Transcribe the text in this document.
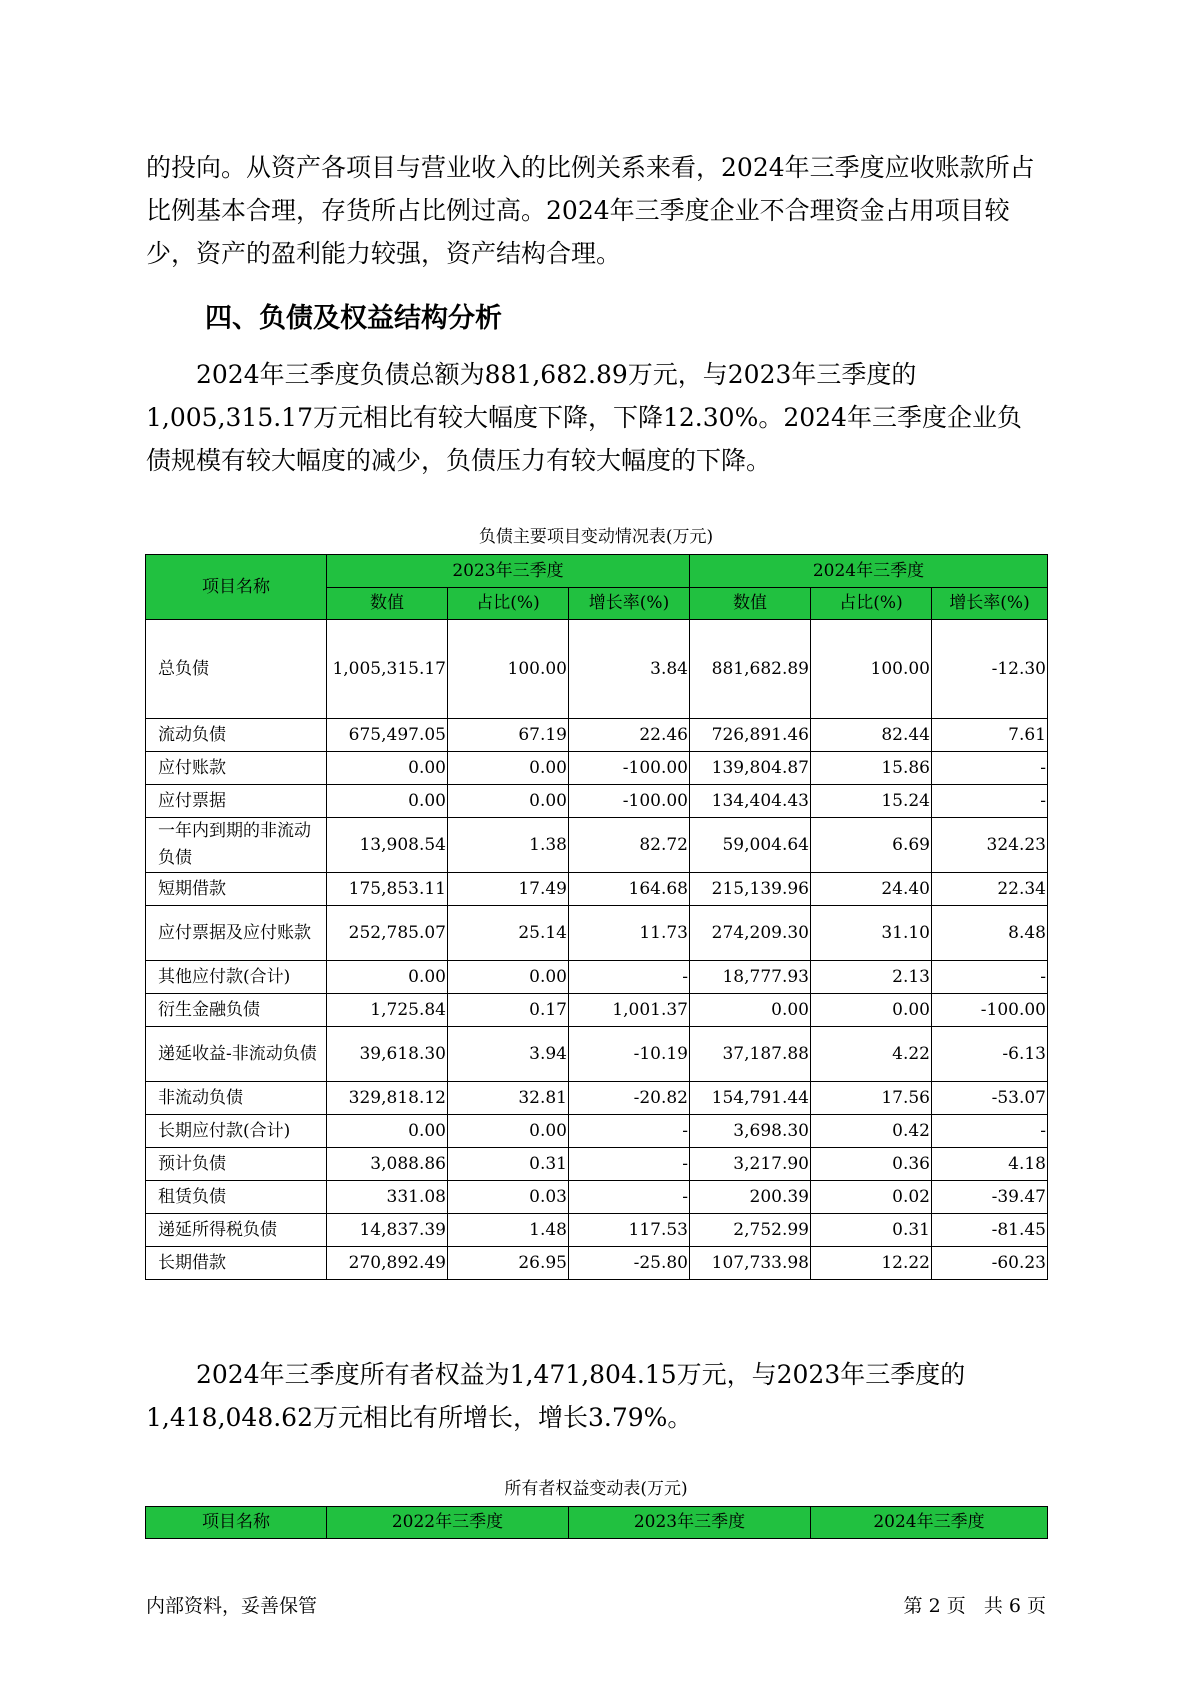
的投向。从资产各项目与营业收入的比例关系来看，2024年三季度应收账款所占比例基本合理，存货所占比例过高。2024年三季度企业不合理资金占用项目较少，资产的盈利能力较强，资产结构合理。

四、负债及权益结构分析

2024年三季度负债总额为881,682.89万元，与2023年三季度的1,005,315.17万元相比有较大幅度下降，下降12.30%。2024年三季度企业负债规模有较大幅度的减少，负债压力有较大幅度的下降。

负债主要项目变动情况表(万元)
项目名称	2023年三季度			2024年三季度		
	数值	占比(%)	增长率(%)	数值	占比(%)	增长率(%)
总负债	1,005,315.17	100.00	3.84	881,682.89	100.00	-12.30
流动负债	675,497.05	67.19	22.46	726,891.46	82.44	7.61
应付账款	0.00	0.00	-100.00	139,804.87	15.86	-
应付票据	0.00	0.00	-100.00	134,404.43	15.24	-
一年内到期的非流动负债	13,908.54	1.38	82.72	59,004.64	6.69	324.23
短期借款	175,853.11	17.49	164.68	215,139.96	24.40	22.34
应付票据及应付账款	252,785.07	25.14	11.73	274,209.30	31.10	8.48
其他应付款(合计)	0.00	0.00	-	18,777.93	2.13	-
衍生金融负债	1,725.84	0.17	1,001.37	0.00	0.00	-100.00
递延收益-非流动负债	39,618.30	3.94	-10.19	37,187.88	4.22	-6.13
非流动负债	329,818.12	32.81	-20.82	154,791.44	17.56	-53.07
长期应付款(合计)	0.00	0.00	-	3,698.30	0.42	-
预计负债	3,088.86	0.31	-	3,217.90	0.36	4.18
租赁负债	331.08	0.03	-	200.39	0.02	-39.47
递延所得税负债	14,837.39	1.48	117.53	2,752.99	0.31	-81.45
长期借款	270,892.49	26.95	-25.80	107,733.98	12.22	-60.23

2024年三季度所有者权益为1,471,804.15万元，与2023年三季度的1,418,048.62万元相比有所增长，增长3.79%。

所有者权益变动表(万元)
项目名称	2022年三季度	2023年三季度	2024年三季度
内部资料，妥善保管	第 2 页   共 6 页
